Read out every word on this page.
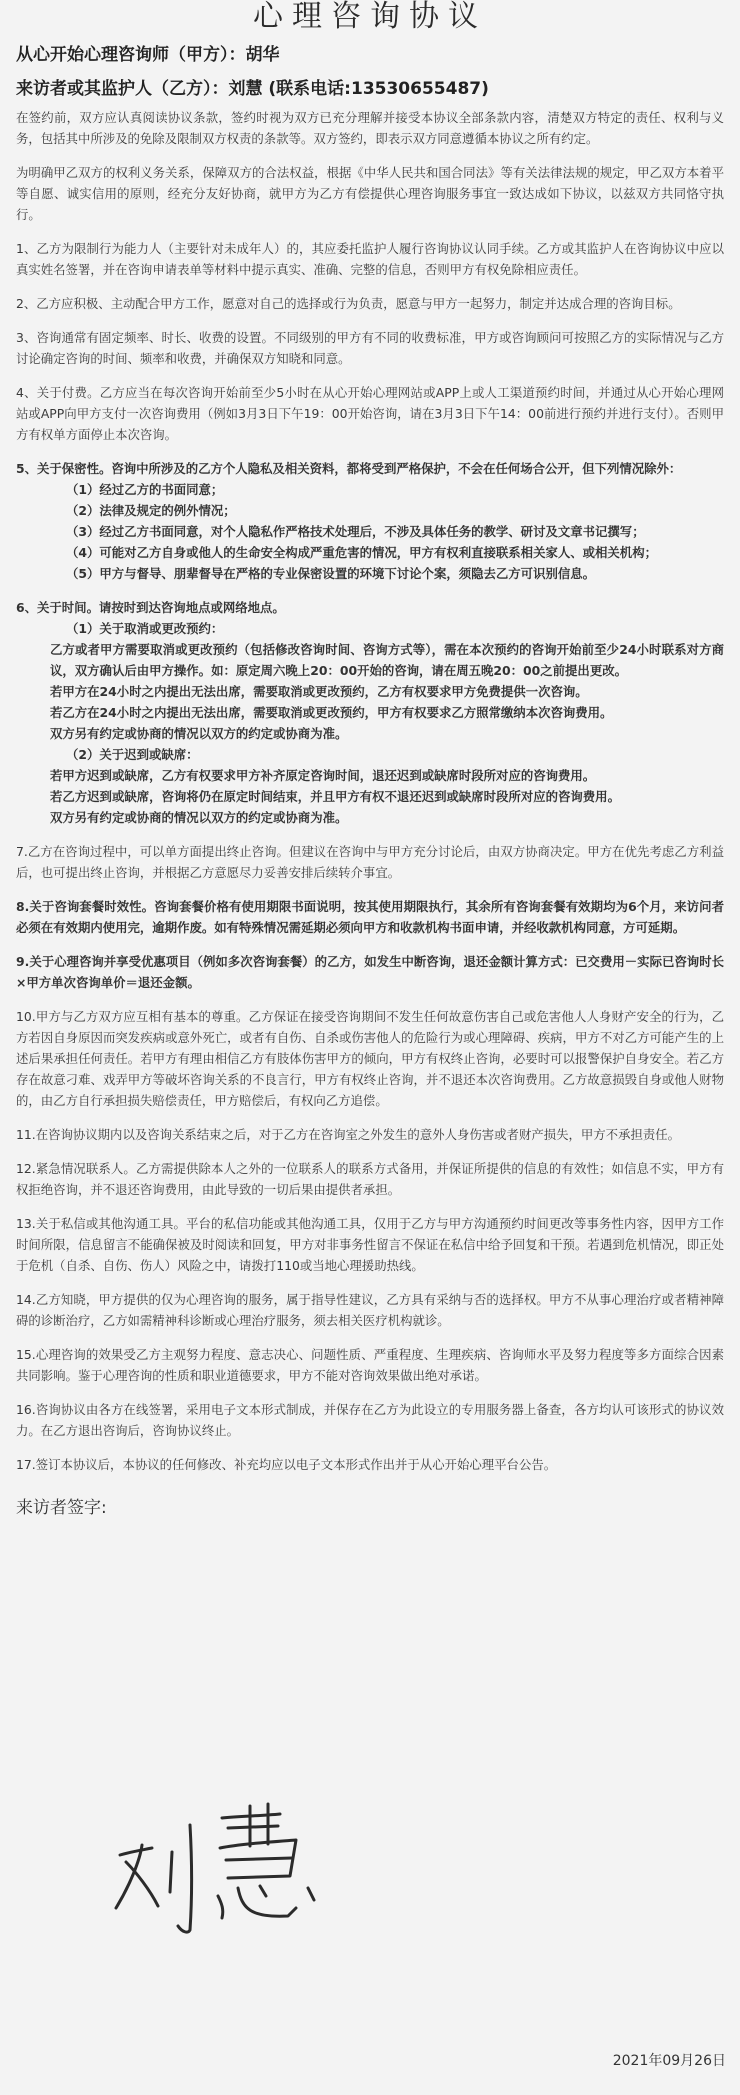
心理咨询协议
从心开始心理咨询师（甲方）：胡华
来访者或其监护人（乙方）：刘慧 (联系电话:13530655487)

在签约前，双方应认真阅读协议条款，签约时视为双方已充分理解并接受本协议全部条款内容，清楚双方特定的责任、权利与义务，包括其中所涉及的免除及限制双方权责的条款等。双方签约，即表示双方同意遵循本协议之所有约定。

为明确甲乙双方的权利义务关系，保障双方的合法权益，根据《中华人民共和国合同法》等有关法律法规的规定，甲乙双方本着平等自愿、诚实信用的原则，经充分友好协商，就甲方为乙方有偿提供心理咨询服务事宜一致达成如下协议，以兹双方共同恪守执行。

1、乙方为限制行为能力人（主要针对未成年人）的，其应委托监护人履行咨询协议认同手续。乙方或其监护人在咨询协议中应以真实姓名签署，并在咨询申请表单等材料中提示真实、准确、完整的信息，否则甲方有权免除相应责任。

2、乙方应积极、主动配合甲方工作，愿意对自己的选择或行为负责，愿意与甲方一起努力，制定并达成合理的咨询目标。

3、咨询通常有固定频率、时长、收费的设置。不同级别的甲方有不同的收费标准，甲方或咨询顾问可按照乙方的实际情况与乙方讨论确定咨询的时间、频率和收费，并确保双方知晓和同意。

4、关于付费。乙方应当在每次咨询开始前至少5小时在从心开始心理网站或APP上或人工渠道预约时间，并通过从心开始心理网站或APP向甲方支付一次咨询费用（例如3月3日下午19：00开始咨询，请在3月3日下午14：00前进行预约并进行支付）。否则甲方有权单方面停止本次咨询。

5、关于保密性。咨询中所涉及的乙方个人隐私及相关资料，都将受到严格保护，不会在任何场合公开，但下列情况除外：

（1）经过乙方的书面同意；

（2）法律及规定的例外情况；

（3）经过乙方书面同意，对个人隐私作严格技术处理后，不涉及具体任务的教学、研讨及文章书记撰写；

（4）可能对乙方自身或他人的生命安全构成严重危害的情况，甲方有权利直接联系相关家人、或相关机构；

（5）甲方与督导、朋辈督导在严格的专业保密设置的环境下讨论个案，须隐去乙方可识别信息。

6、关于时间。请按时到达咨询地点或网络地点。

（1）关于取消或更改预约：

乙方或者甲方需要取消或更改预约（包括修改咨询时间、咨询方式等），需在本次预约的咨询开始前至少24小时联系对方商议，双方确认后由甲方操作。如：原定周六晚上20：00开始的咨询，请在周五晚20：00之前提出更改。

若甲方在24小时之内提出无法出席，需要取消或更改预约，乙方有权要求甲方免费提供一次咨询。

若乙方在24小时之内提出无法出席，需要取消或更改预约，甲方有权要求乙方照常缴纳本次咨询费用。

双方另有约定或协商的情况以双方的约定或协商为准。

（2）关于迟到或缺席：

若甲方迟到或缺席，乙方有权要求甲方补齐原定咨询时间，退还迟到或缺席时段所对应的咨询费用。

若乙方迟到或缺席，咨询将仍在原定时间结束，并且甲方有权不退还迟到或缺席时段所对应的咨询费用。

双方另有约定或协商的情况以双方的约定或协商为准。

7.乙方在咨询过程中，可以单方面提出终止咨询。但建议在咨询中与甲方充分讨论后，由双方协商决定。甲方在优先考虑乙方利益后，也可提出终止咨询，并根据乙方意愿尽力妥善安排后续转介事宜。

8.关于咨询套餐时效性。咨询套餐价格有使用期限书面说明，按其使用期限执行，其余所有咨询套餐有效期均为6个月，来访问者必须在有效期内使用完，逾期作废。如有特殊情况需延期必须向甲方和收款机构书面申请，并经收款机构同意，方可延期。

9.关于心理咨询并享受优惠项目（例如多次咨询套餐）的乙方，如发生中断咨询，退还金额计算方式：已交费用－实际已咨询时长×甲方单次咨询单价＝退还金额。

10.甲方与乙方双方应互相有基本的尊重。乙方保证在接受咨询期间不发生任何故意伤害自己或危害他人人身财产安全的行为，乙方若因自身原因而突发疾病或意外死亡，或者有自伤、自杀或伤害他人的危险行为或心理障碍、疾病，甲方不对乙方可能产生的上述后果承担任何责任。若甲方有理由相信乙方有肢体伤害甲方的倾向，甲方有权终止咨询，必要时可以报警保护自身安全。若乙方存在故意刁难、戏弄甲方等破坏咨询关系的不良言行，甲方有权终止咨询，并不退还本次咨询费用。乙方故意损毁自身或他人财物的，由乙方自行承担损失赔偿责任，甲方赔偿后，有权向乙方追偿。

11.在咨询协议期内以及咨询关系结束之后，对于乙方在咨询室之外发生的意外人身伤害或者财产损失，甲方不承担责任。

12.紧急情况联系人。乙方需提供除本人之外的一位联系人的联系方式备用，并保证所提供的信息的有效性；如信息不实，甲方有权拒绝咨询，并不退还咨询费用，由此导致的一切后果由提供者承担。

13.关于私信或其他沟通工具。平台的私信功能或其他沟通工具，仅用于乙方与甲方沟通预约时间更改等事务性内容，因甲方工作时间所限，信息留言不能确保被及时阅读和回复，甲方对非事务性留言不保证在私信中给予回复和干预。若遇到危机情况，即正处于危机（自杀、自伤、伤人）风险之中，请拨打110或当地心理援助热线。

14.乙方知晓，甲方提供的仅为心理咨询的服务，属于指导性建议，乙方具有采纳与否的选择权。甲方不从事心理治疗或者精神障碍的诊断治疗，乙方如需精神科诊断或心理治疗服务，须去相关医疗机构就诊。

15.心理咨询的效果受乙方主观努力程度、意志决心、问题性质、严重程度、生理疾病、咨询师水平及努力程度等多方面综合因素共同影响。鉴于心理咨询的性质和职业道德要求，甲方不能对咨询效果做出绝对承诺。

16.咨询协议由各方在线签署，采用电子文本形式制成，并保存在乙方为此设立的专用服务器上备查，各方均认可该形式的协议效力。在乙方退出咨询后，咨询协议终止。

17.签订本协议后，本协议的任何修改、补充均应以电子文本形式作出并于从心开始心理平台公告。

来访者签字:
2021年09月26日
